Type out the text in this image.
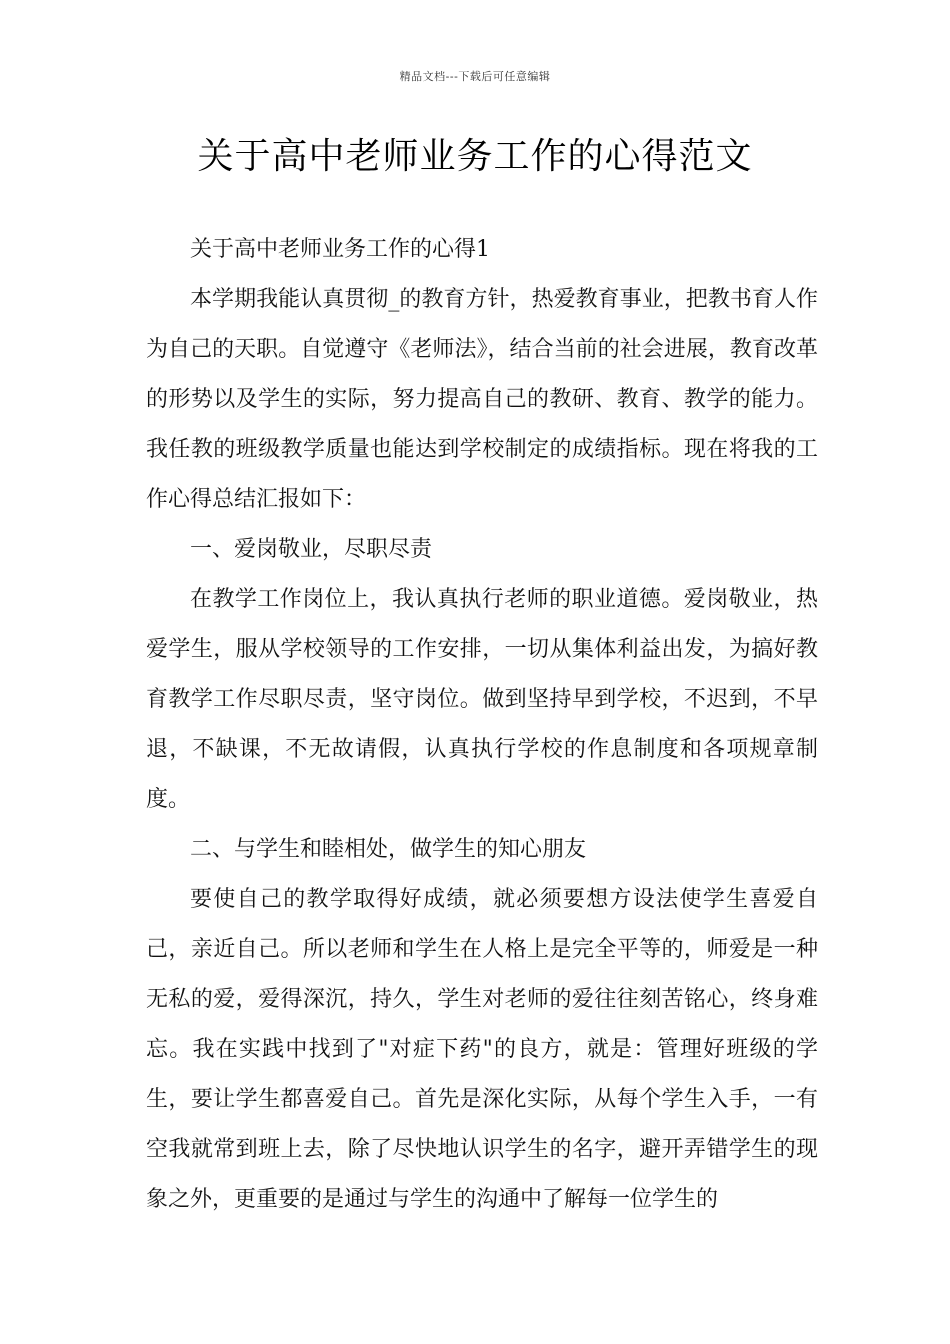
精品文档---下载后可任意编辑
关于高中老师业务工作的心得范文

关于高中老师业务工作的心得1

本学期我能认真贯彻_的教育方针，热爱教育事业，把教书育人作为自己的天职。自觉遵守《老师法》，结合当前的社会进展，教育改革的形势以及学生的实际，努力提高自己的教研、教育、教学的能力。我任教的班级教学质量也能达到学校制定的成绩指标。现在将我的工作心得总结汇报如下：

一、爱岗敬业，尽职尽责

在教学工作岗位上，我认真执行老师的职业道德。爱岗敬业，热爱学生，服从学校领导的工作安排，一切从集体利益出发，为搞好教育教学工作尽职尽责，坚守岗位。做到坚持早到学校，不迟到，不早退，不缺课，不无故请假，认真执行学校的作息制度和各项规章制度。

二、与学生和睦相处，做学生的知心朋友

要使自己的教学取得好成绩，就必须要想方设法使学生喜爱自己，亲近自己。所以老师和学生在人格上是完全平等的，师爱是一种无私的爱，爱得深沉，持久，学生对老师的爱往往刻苦铭心，终身难忘。我在实践中找到了"对症下药"的良方，就是：管理好班级的学生，要让学生都喜爱自己。首先是深化实际，从每个学生入手，一有空我就常到班上去，除了尽快地认识学生的名字，避开弄错学生的现象之外，更重要的是通过与学生的沟通中了解每一位学生的
